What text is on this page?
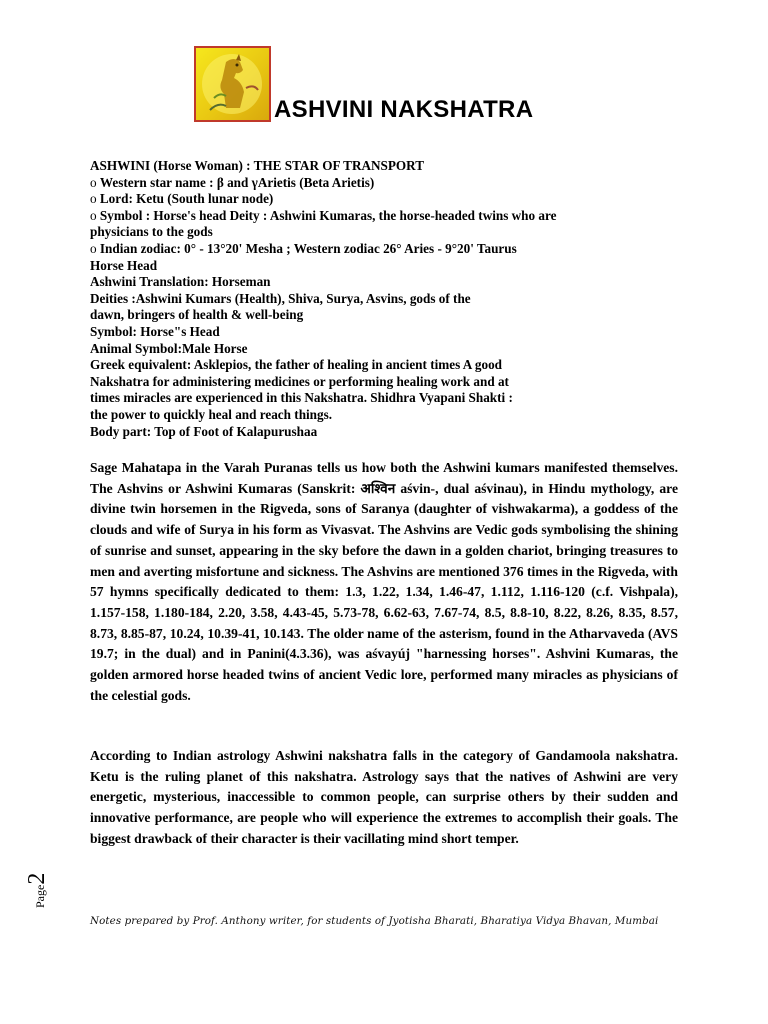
ASHVINI NAKSHATRA
ASHWINI (Horse Woman) : THE STAR OF TRANSPORT
o Western star name : β and γArietis (Beta Arietis)
o Lord: Ketu (South lunar node)
o Symbol : Horse's head Deity : Ashwini Kumaras, the horse-headed twins who are
physicians to the gods
o Indian zodiac: 0° - 13°20' Mesha ; Western zodiac 26° Aries - 9°20' Taurus
Horse Head
Ashwini Translation: Horseman
Deities :Ashwini Kumars (Health), Shiva, Surya, Asvins, gods of the
dawn, bringers of health & well-being
Symbol: Horse"s Head
Animal Symbol:Male Horse
Greek equivalent: Asklepios, the father of healing in ancient times A good
Nakshatra for administering medicines or performing healing work and at
times miracles are experienced in this Nakshatra. Shidhra Vyapani Shakti :
the power to quickly heal and reach things.
Body part: Top of Foot of Kalapurushaa
Sage Mahatapa in the Varah Puranas tells us how both the Ashwini kumars manifested themselves. The Ashvins or Ashwini Kumaras (Sanskrit: अश्विन aśvin-, dual aśvinau), in Hindu mythology, are divine twin horsemen in the Rigveda, sons of Saranya (daughter of vishwakarma), a goddess of the clouds and wife of Surya in his form as Vivasvat. The Ashvins are Vedic gods symbolising the shining of sunrise and sunset, appearing in the sky before the dawn in a golden chariot, bringing treasures to men and averting misfortune and sickness. The Ashvins are mentioned 376 times in the Rigveda, with 57 hymns specifically dedicated to them: 1.3, 1.22, 1.34, 1.46-47, 1.112, 1.116-120 (c.f. Vishpala), 1.157-158, 1.180-184, 2.20, 3.58, 4.43-45, 5.73-78, 6.62-63, 7.67-74, 8.5, 8.8-10, 8.22, 8.26, 8.35, 8.57, 8.73, 8.85-87, 10.24, 10.39-41, 10.143. The older name of the asterism, found in the Atharvaveda (AVS 19.7; in the dual) and in Panini(4.3.36), was aśvayúj "harnessing horses". Ashvini Kumaras, the golden armored horse headed twins of ancient Vedic lore, performed many miracles as physicians of the celestial gods.
According to Indian astrology Ashwini nakshatra falls in the category of Gandamoola nakshatra. Ketu is the ruling planet of this nakshatra. Astrology says that the natives of Ashwini are very energetic, mysterious, inaccessible to common people, can surprise others by their sudden and innovative performance, are people who will experience the extremes to accomplish their goals. The biggest drawback of their character is their vacillating mind short temper.
Page2
Notes prepared by Prof. Anthony writer, for students of Jyotisha Bharati, Bharatiya Vidya Bhavan, Mumbai
